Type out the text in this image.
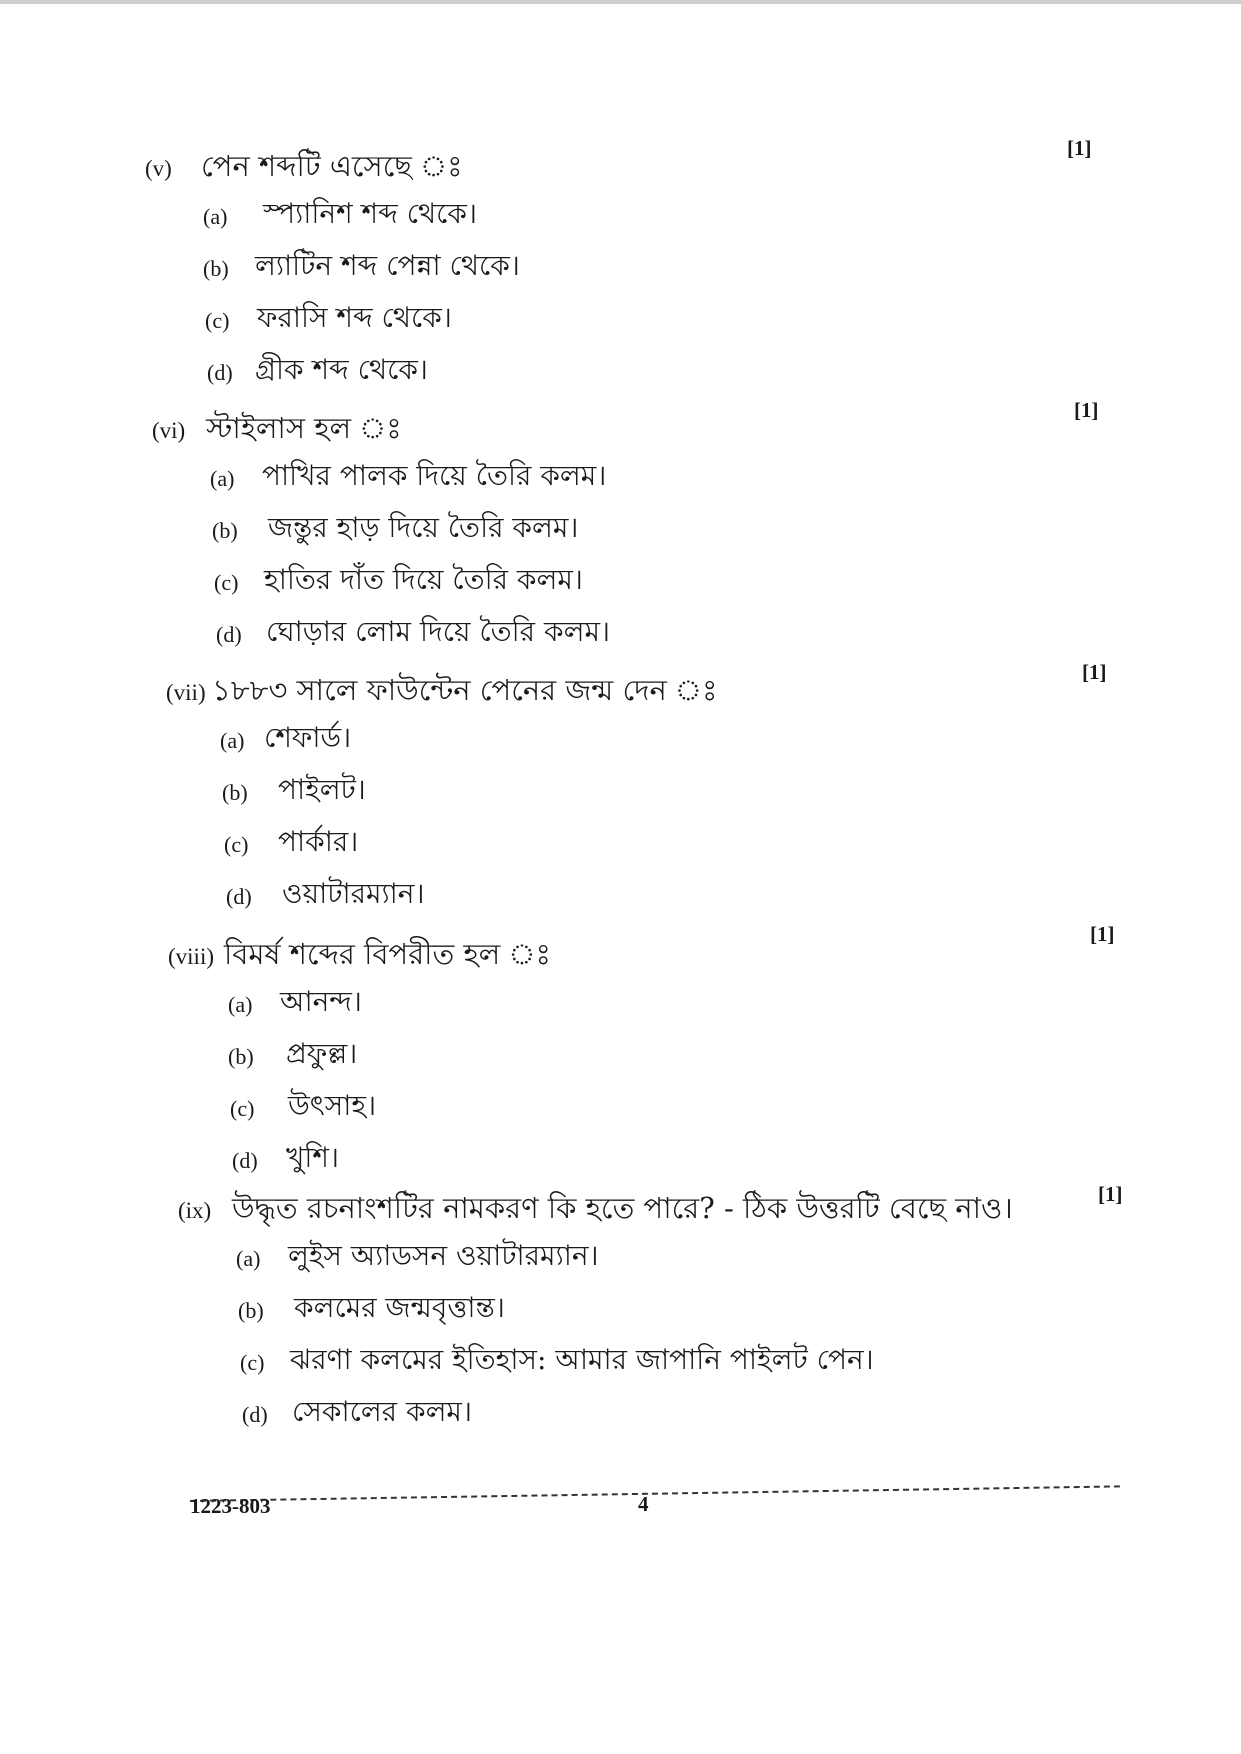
(v) পেন শব্দটি এসেছে ঃ
(a) স্প্যানিশ শব্দ থেকে।
(b) ল্যাটিন শব্দ পেন্না থেকে।
(c) ফরাসি শব্দ থেকে।
(d) গ্রীক শব্দ থেকে।
[1]
(vi) স্টাইলাস হল ঃ
(a) পাখির পালক দিয়ে তৈরি কলম।
(b) জন্তুর হাড় দিয়ে তৈরি কলম।
(c) হাতির দাঁত দিয়ে তৈরি কলম।
(d) ঘোড়ার লোম দিয়ে তৈরি কলম।
[1]
(vii) ১৮৮৩ সালে ফাউন্টেন পেনের জন্ম দেন ঃ
(a) শেফার্ড।
(b) পাইলট।
(c) পার্কার।
(d) ওয়াটারম্যান।
[1]
(viii) বিমর্ষ শব্দের বিপরীত হল ঃ
(a) আনন্দ।
(b) প্রফুল্ল।
(c) উৎসাহ।
(d) খুশি।
[1]
(ix) উদ্ধৃত রচনাংশটির নামকরণ কি হতে পারে? - ঠিক উত্তরটি বেছে নাও।
(a) লুইস অ্যাডসন ওয়াটারম্যান।
(b) কলমের জন্মবৃত্তান্ত।
(c) ঝরণা কলমের ইতিহাস: আমার জাপানি পাইলট পেন।
(d) সেকালের কলম।
[1]
1223-803	4
